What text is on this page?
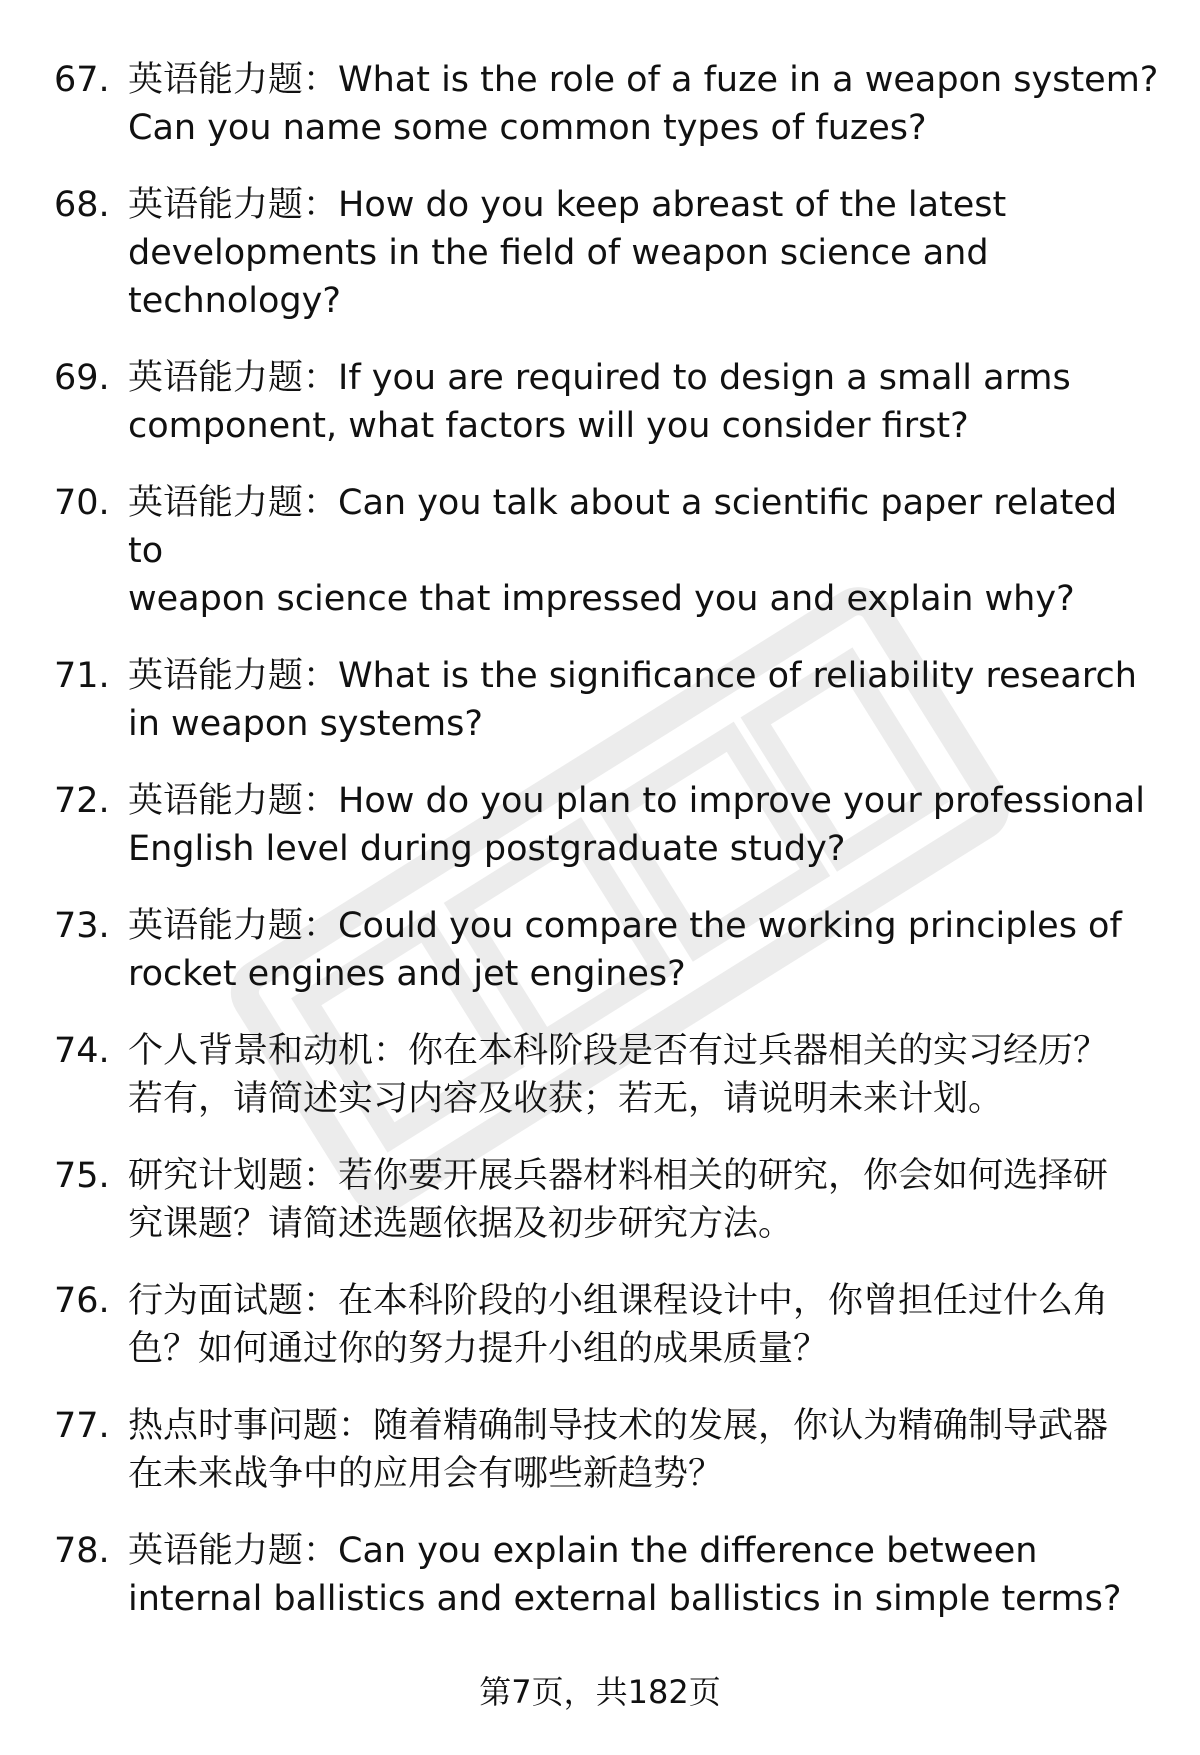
67. 英语能力题：What is the role of a fuze in a weapon system?
Can you name some common types of fuzes?
68. 英语能力题：How do you keep abreast of the latest
developments in the field of weapon science and
technology?
69. 英语能力题：If you are required to design a small arms
component, what factors will you consider first?
70. 英语能力题：Can you talk about a scientific paper related to
weapon science that impressed you and explain why?
71. 英语能力题：What is the significance of reliability research
in weapon systems?
72. 英语能力题：How do you plan to improve your professional
English level during postgraduate study?
73. 英语能力题：Could you compare the working principles of
rocket engines and jet engines?
74. 个人背景和动机：你在本科阶段是否有过兵器相关的实习经历？
若有，请简述实习内容及收获；若无，请说明未来计划。
75. 研究计划题：若你要开展兵器材料相关的研究，你会如何选择研
究课题？请简述选题依据及初步研究方法。
76. 行为面试题：在本科阶段的小组课程设计中，你曾担任过什么角
色？如何通过你的努力提升小组的成果质量？
77. 热点时事问题：随着精确制导技术的发展，你认为精确制导武器
在未来战争中的应用会有哪些新趋势？
78. 英语能力题：Can you explain the difference between
internal ballistics and external ballistics in simple terms?
第7页，共182页
